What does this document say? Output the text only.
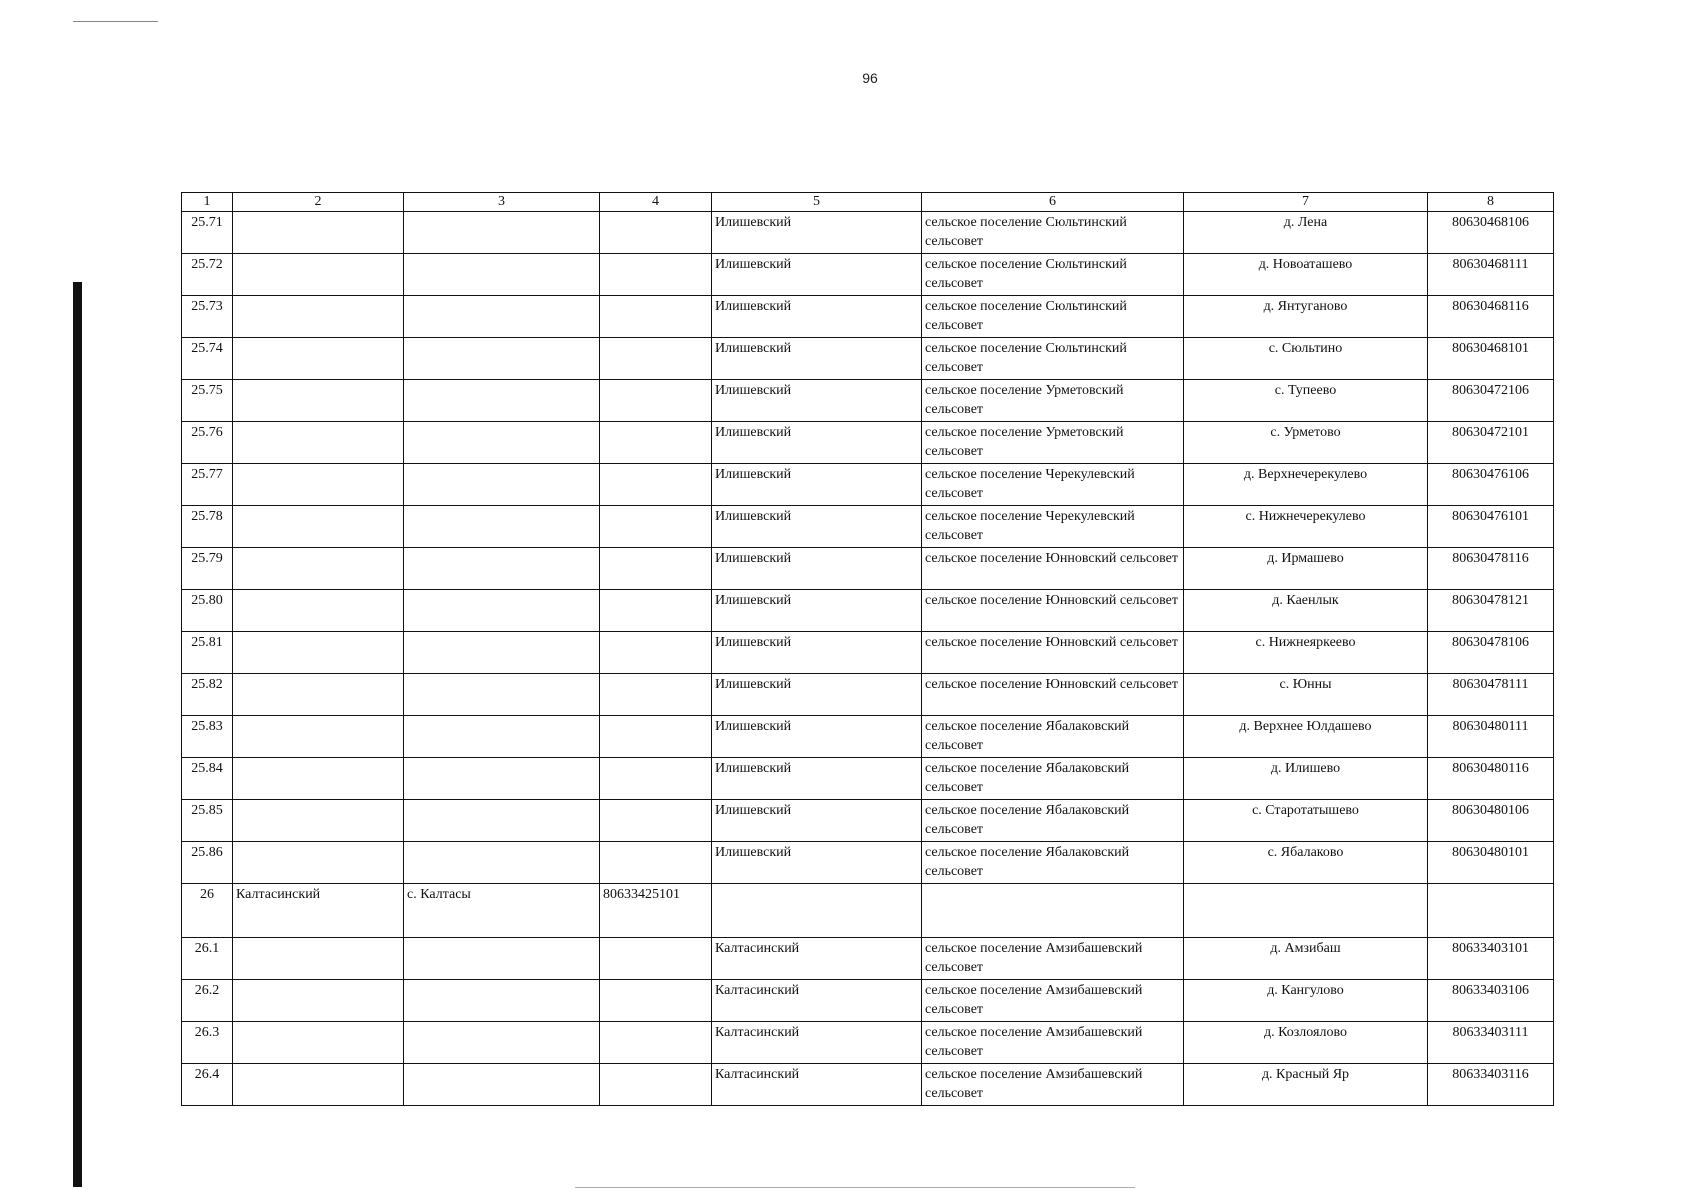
96
1	2	3	4	5	6	7	8
25.71				Илишевский	сельское поселение Сюльтинский сельсовет	д. Лена	80630468106
25.72				Илишевский	сельское поселение Сюльтинский сельсовет	д. Новоаташево	80630468111
25.73				Илишевский	сельское поселение Сюльтинский сельсовет	д. Янтуганово	80630468116
25.74				Илишевский	сельское поселение Сюльтинский сельсовет	с. Сюльтино	80630468101
25.75				Илишевский	сельское поселение Урметовский сельсовет	с. Тупеево	80630472106
25.76				Илишевский	сельское поселение Урметовский сельсовет	с. Урметово	80630472101
25.77				Илишевский	сельское поселение Черекулевский сельсовет	д. Верхнечерекулево	80630476106
25.78				Илишевский	сельское поселение Черекулевский сельсовет	с. Нижнечерекулево	80630476101
25.79				Илишевский	сельское поселение Юнновский сельсовет	д. Ирмашево	80630478116
25.80				Илишевский	сельское поселение Юнновский сельсовет	д. Каенлык	80630478121
25.81				Илишевский	сельское поселение Юнновский сельсовет	с. Нижнеяркеево	80630478106
25.82				Илишевский	сельское поселение Юнновский сельсовет	с. Юнны	80630478111
25.83				Илишевский	сельское поселение Ябалаковский сельсовет	д. Верхнее Юлдашево	80630480111
25.84				Илишевский	сельское поселение Ябалаковский сельсовет	д. Илишево	80630480116
25.85				Илишевский	сельское поселение Ябалаковский сельсовет	с. Старотатышево	80630480106
25.86				Илишевский	сельское поселение Ябалаковский сельсовет	с. Ябалаково	80630480101
26	Калтасинский	с. Калтасы	80633425101				
26.1				Калтасинский	сельское поселение Амзибашевский сельсовет	д. Амзибаш	80633403101
26.2				Калтасинский	сельское поселение Амзибашевский сельсовет	д. Кангулово	80633403106
26.3				Калтасинский	сельское поселение Амзибашевский сельсовет	д. Козлоялово	80633403111
26.4				Калтасинский	сельское поселение Амзибашевский сельсовет	д. Красный Яр	80633403116
